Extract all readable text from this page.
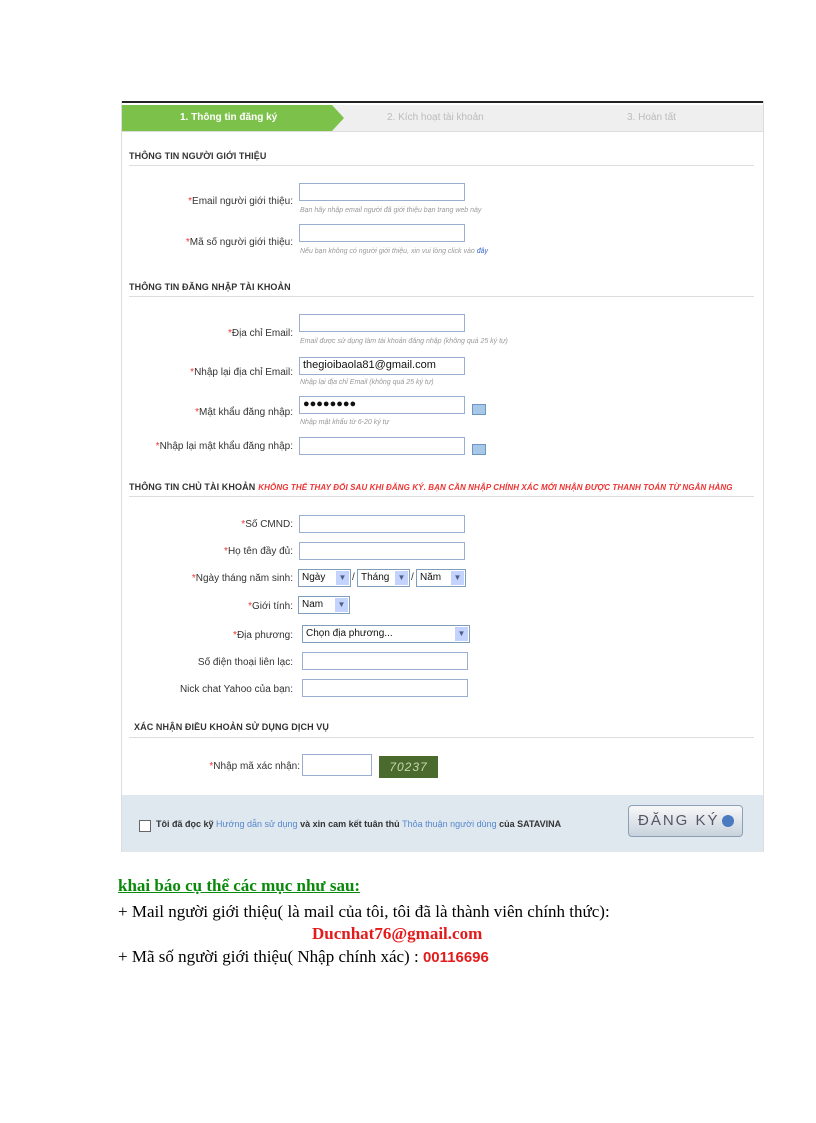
1. Thông tin đăng ký	2. Kích hoạt tài khoản	3. Hoàn tất
THÔNG TIN NGƯỜI GIỚI THIỆU
*Email người giới thiệu:
Bạn hãy nhập email người đã giới thiệu bạn trang web này
*Mã số người giới thiệu:
Nếu bạn không có người giới thiệu, xin vui lòng click vào đây
THÔNG TIN ĐĂNG NHẬP TÀI KHOẢN
*Địa chỉ Email:
Email được sử dụng làm tài khoản đăng nhập (không quá 25 ký tự)
*Nhập lại địa chỉ Email:
thegioibaola81@gmail.com
Nhập lại địa chỉ Email (không quá 25 ký tự)
*Mật khẩu đăng nhập:
●●●●●●●●
Nhập mật khẩu từ 6-20 ký tự
*Nhập lại mật khẩu đăng nhập:
THÔNG TIN CHỦ TÀI KHOẢN KHÔNG THỂ THAY ĐỔI SAU KHI ĐĂNG KÝ. BẠN CẦN NHẬP CHÍNH XÁC MỚI NHẬN ĐƯỢC THANH TOÁN TỪ NGÂN HÀNG
*Số CMND:
*Họ tên đầy đủ:
*Ngày tháng năm sinh: Ngày	▼ / Tháng	▼ / Năm	▼
*Giới tính: Nam	▼
*Địa phương:	Chọn địa phương...	▼
Số điện thoại liên lạc:
Nick chat Yahoo của bạn:
XÁC NHẬN ĐIỀU KHOẢN SỬ DỤNG DỊCH VỤ
*Nhập mã xác nhận:	70237
Tôi đã đọc kỹ Hướng dẫn sử dụng và xin cam kết tuân thủ Thỏa thuận người dùng của SATAVINA	ĐĂNG KÝ
khai báo cụ thể các mục như sau:
+ Mail người giới thiệu( là mail của tôi, tôi đã là thành viên chính thức):
Ducnhat76@gmail.com
+ Mã số người giới thiệu( Nhập chính xác) : 00116696
